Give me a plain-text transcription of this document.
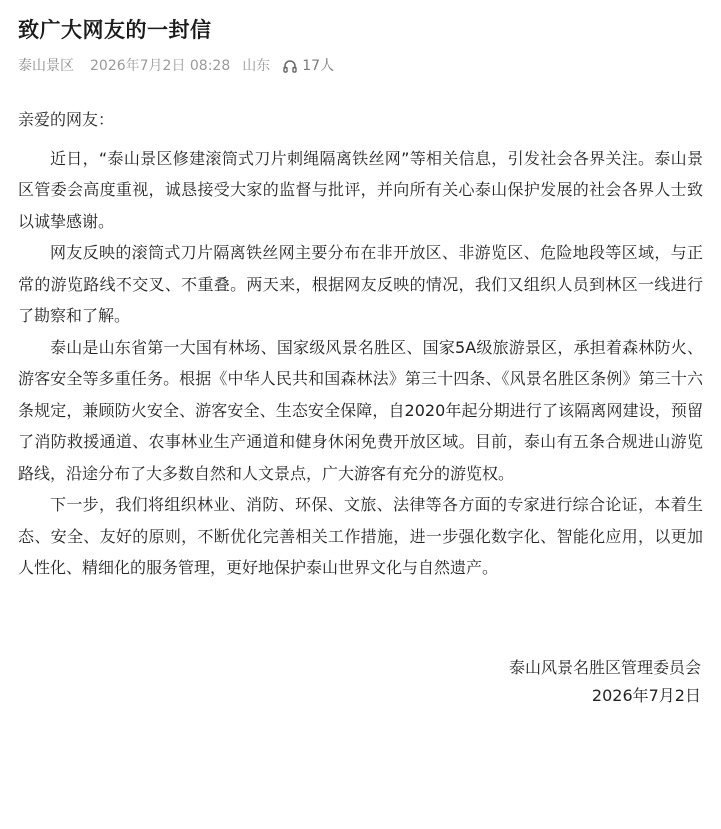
致广大网友的一封信
泰山景区 2026年7月2日 08:28 山东 17人

亲爱的网友：

近日，“泰山景区修建滚筒式刀片刺绳隔离铁丝网”等相关信息，引发社会各界关注。泰山景区管委会高度重视，诚恳接受大家的监督与批评，并向所有关心泰山保护发展的社会各界人士致以诚挚感谢。

网友反映的滚筒式刀片隔离铁丝网主要分布在非开放区、非游览区、危险地段等区域，与正常的游览路线不交叉、不重叠。两天来，根据网友反映的情况，我们又组织人员到林区一线进行了勘察和了解。

泰山是山东省第一大国有林场、国家级风景名胜区、国家5A级旅游景区，承担着森林防火、游客安全等多重任务。根据《中华人民共和国森林法》第三十四条、《风景名胜区条例》第三十六条规定，兼顾防火安全、游客安全、生态安全保障，自2020年起分期进行了该隔离网建设，预留了消防救援通道、农事林业生产通道和健身休闲免费开放区域。目前，泰山有五条合规进山游览路线，沿途分布了大多数自然和人文景点，广大游客有充分的游览权。

下一步，我们将组织林业、消防、环保、文旅、法律等各方面的专家进行综合论证，本着生态、安全、友好的原则，不断优化完善相关工作措施，进一步强化数字化、智能化应用，以更加人性化、精细化的服务管理，更好地保护泰山世界文化与自然遗产。

泰山风景名胜区管理委员会
2026年7月2日
